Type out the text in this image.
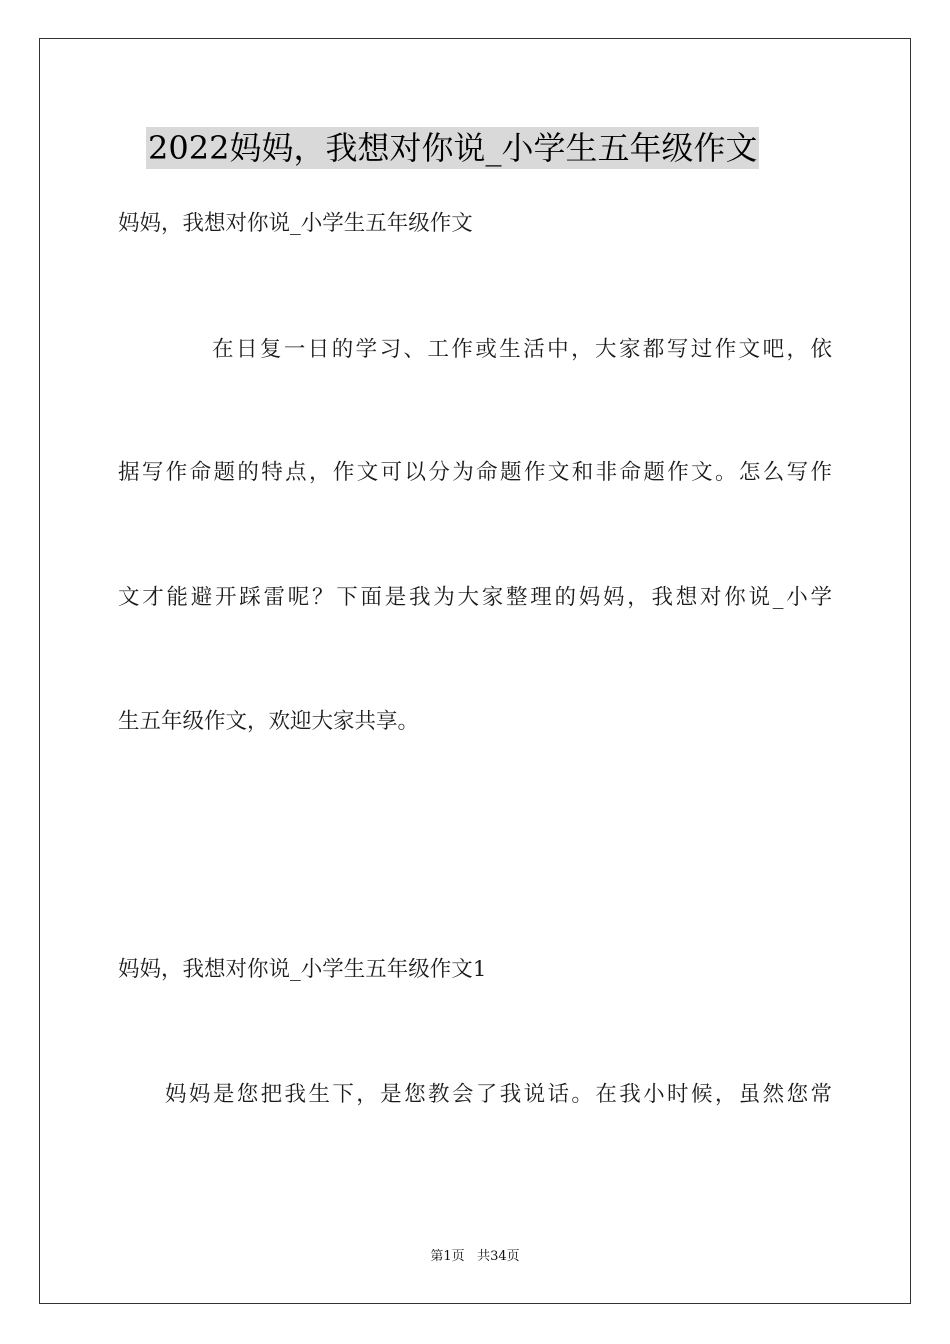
2022妈妈，我想对你说_小学生五年级作文
妈妈，我想对你说_小学生五年级作文
在日复一日的学习、工作或生活中，大家都写过作文吧，依
据写作命题的特点，作文可以分为命题作文和非命题作文。怎么写作
文才能避开踩雷呢？下面是我为大家整理的妈妈，我想对你说_小学
生五年级作文，欢迎大家共享。
妈妈，我想对你说_小学生五年级作文1
妈妈是您把我生下，是您教会了我说话。在我小时候，虽然您常
第1页 共34页
